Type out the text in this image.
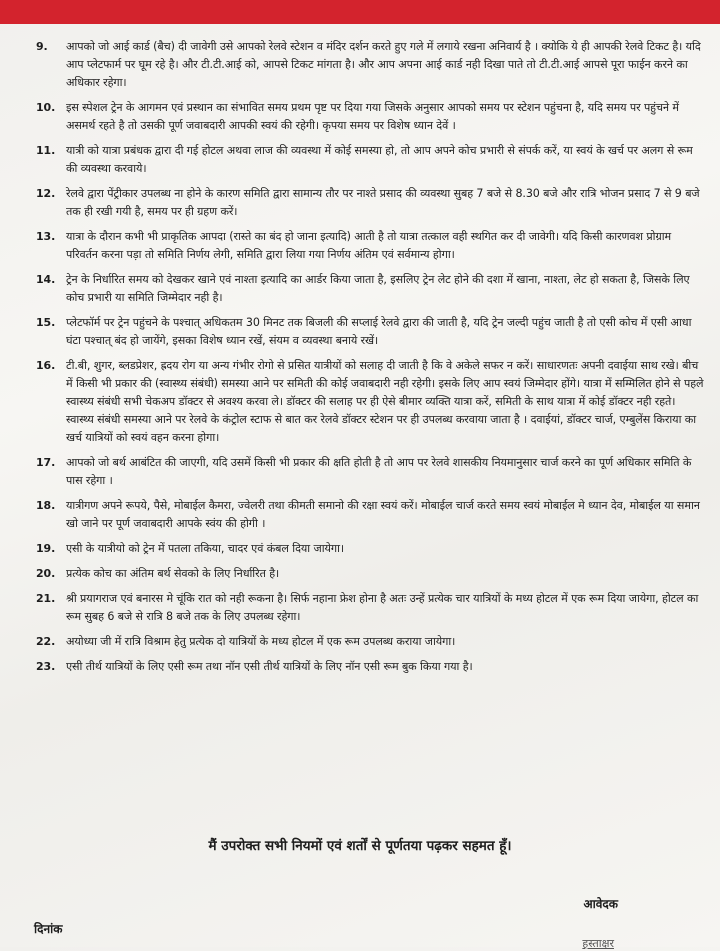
9. आपको जो आई कार्ड (बैच) दी जावेगी उसे आपको रेलवे स्टेशन व मंदिर दर्शन करते हुए गले में लगाये रखना अनिवार्य है । क्योकि ये ही आपकी रेलवे टिकट है। यदि आप प्लेटफार्म पर घूम रहे है। और टी.टी.आई को, आपसे टिकट मांगता है। और आप अपना आई कार्ड नही दिखा पाते तो टी.टी.आई आपसे पूरा फाईन करने का अधिकार रहेगा।
10. इस स्पेशल ट्रेन के आगमन एवं प्रस्थान का संभावित समय प्रथम पृष्ट पर दिया गया जिसके अनुसार आपको समय पर स्टेशन पहुंचना है, यदि समय पर पहुंचने में असमर्थ रहते है तो उसकी पूर्ण जवाबदारी आपकी स्वयं की रहेगी। कृपया समय पर विशेष ध्यान देवें ।
11. यात्री को यात्रा प्रबंधक द्वारा दी गई होटल अथवा लाज की व्यवस्था में कोई समस्या हो, तो आप अपने कोच प्रभारी से संपर्क करें, या स्वयं के खर्च पर अलग से रूम की व्यवस्था करवाये।
12. रेलवे द्वारा पेंट्रीकार उपलब्ध ना होने के कारण समिति द्वारा सामान्य तौर पर नाश्ते प्रसाद की व्यवस्था सुबह 7 बजे से 8.30 बजे और रात्रि भोजन प्रसाद 7 से 9 बजे तक ही रखी गयी है, समय पर ही ग्रहण करें।
13. यात्रा के दौरान कभी भी प्राकृतिक आपदा (रास्ते का बंद हो जाना इत्यादि) आती है तो यात्रा तत्काल वही स्थगित कर दी जावेगी। यदि किसी कारणवश प्रोग्राम परिवर्तन करना पड़ा तो समिति निर्णय लेगी, समिति द्वारा लिया गया निर्णय अंतिम एवं सर्वमान्य होगा।
14. ट्रेन के निर्धारित समय को देखकर खाने एवं नाश्ता इत्यादि का आर्डर किया जाता है, इसलिए ट्रेन लेट होने की दशा में खाना, नाश्ता, लेट हो सकता है, जिसके लिए कोच प्रभारी या समिति जिम्मेदार नही है।
15. प्लेटफॉर्म पर ट्रेन पहुंचने के पश्चात् अधिकतम 30 मिनट तक बिजली की सप्लाई रेलवे द्वारा की जाती है, यदि ट्रेन जल्दी पहुंच जाती है तो एसी कोच में एसी आधा घंटा पश्चात् बंद हो जायेंगे, इसका विशेष ध्यान रखें, संयम व व्यवस्था बनाये रखें।
16. टी.बी, शुगर, ब्लडप्रेशर, ह्रदय रोग या अन्य गंभीर रोगो से प्रसित यात्रीयों को सलाह दी जाती है कि वे अकेले सफर न करें। साधारणतः अपनी दवाईया साथ रखे। बीच में किसी भी प्रकार की (स्वास्थ्य संबंधी) समस्या आने पर समिती की कोई जवाबदारी नही रहेगी। इसके लिए आप स्वयं जिम्मेदार होंगे। यात्रा में सम्मिलित होने से पहले स्वास्थ्य संबंधी सभी चेकअप डॉक्टर से अवश्य करवा ले। डॉक्टर की सलाह पर ही ऐसे बीमार व्यक्ति यात्रा करें, समिती के साथ यात्रा में कोई डॉक्टर नही रहते। स्वास्थ्य संबंधी समस्या आने पर रेलवे के कंट्रोल स्टाफ से बात कर रेलवे डॉक्टर स्टेशन पर ही उपलब्ध करवाया जाता है । दवाईयां, डॉक्टर चार्ज, एम्बुलेंस किराया का खर्च यात्रियों को स्वयं वहन करना होगा।
17. आपको जो बर्थ आबंटित की जाएगी, यदि उसमें किसी भी प्रकार की क्षति होती है तो आप पर रेलवे शासकीय नियमानुसार चार्ज करने का पूर्ण अधिकार समिति के पास रहेगा ।
18. यात्रीगण अपने रूपये, पैसे, मोबाईल कैमरा, ज्वेलरी तथा कीमती समानो की रक्षा स्वयं करें। मोबाईल चार्ज करते समय स्वयं मोबाईल मे ध्यान देव, मोबाईल या समान खो जाने पर पूर्ण जवाबदारी आपके स्वंय की होगी ।
19. एसी के यात्रीयो को ट्रेन में पतला तकिया, चादर एवं कंबल दिया जायेगा।
20. प्रत्येक कोच का अंतिम बर्थ सेवको के लिए निर्धारित है।
21. श्री प्रयागराज एवं बनारस मे चूंकि रात को नही रूकना है। सिर्फ नहाना फ्रेश होना है अतः उन्हें प्रत्येक चार यात्रियों के मध्य होटल में एक रूम दिया जायेगा, होटल का रूम सुबह 6 बजे से रात्रि 8 बजे तक के लिए उपलब्ध रहेगा।
22. अयोध्या जी में रात्रि विश्राम हेतु प्रत्येक दो यात्रियों के मध्य होटल में एक रूम उपलब्ध कराया जायेगा।
23. एसी तीर्थ यात्रियों के लिए एसी रूम तथा नॉन एसी तीर्थ यात्रियों के लिए नॉन एसी रूम बुक किया गया है।
मैं उपरोक्त सभी नियमों एवं शर्तों से पूर्णतया पढ़कर सहमत हूँ।
आवेदक
दिनांक
हस्ताक्षर
